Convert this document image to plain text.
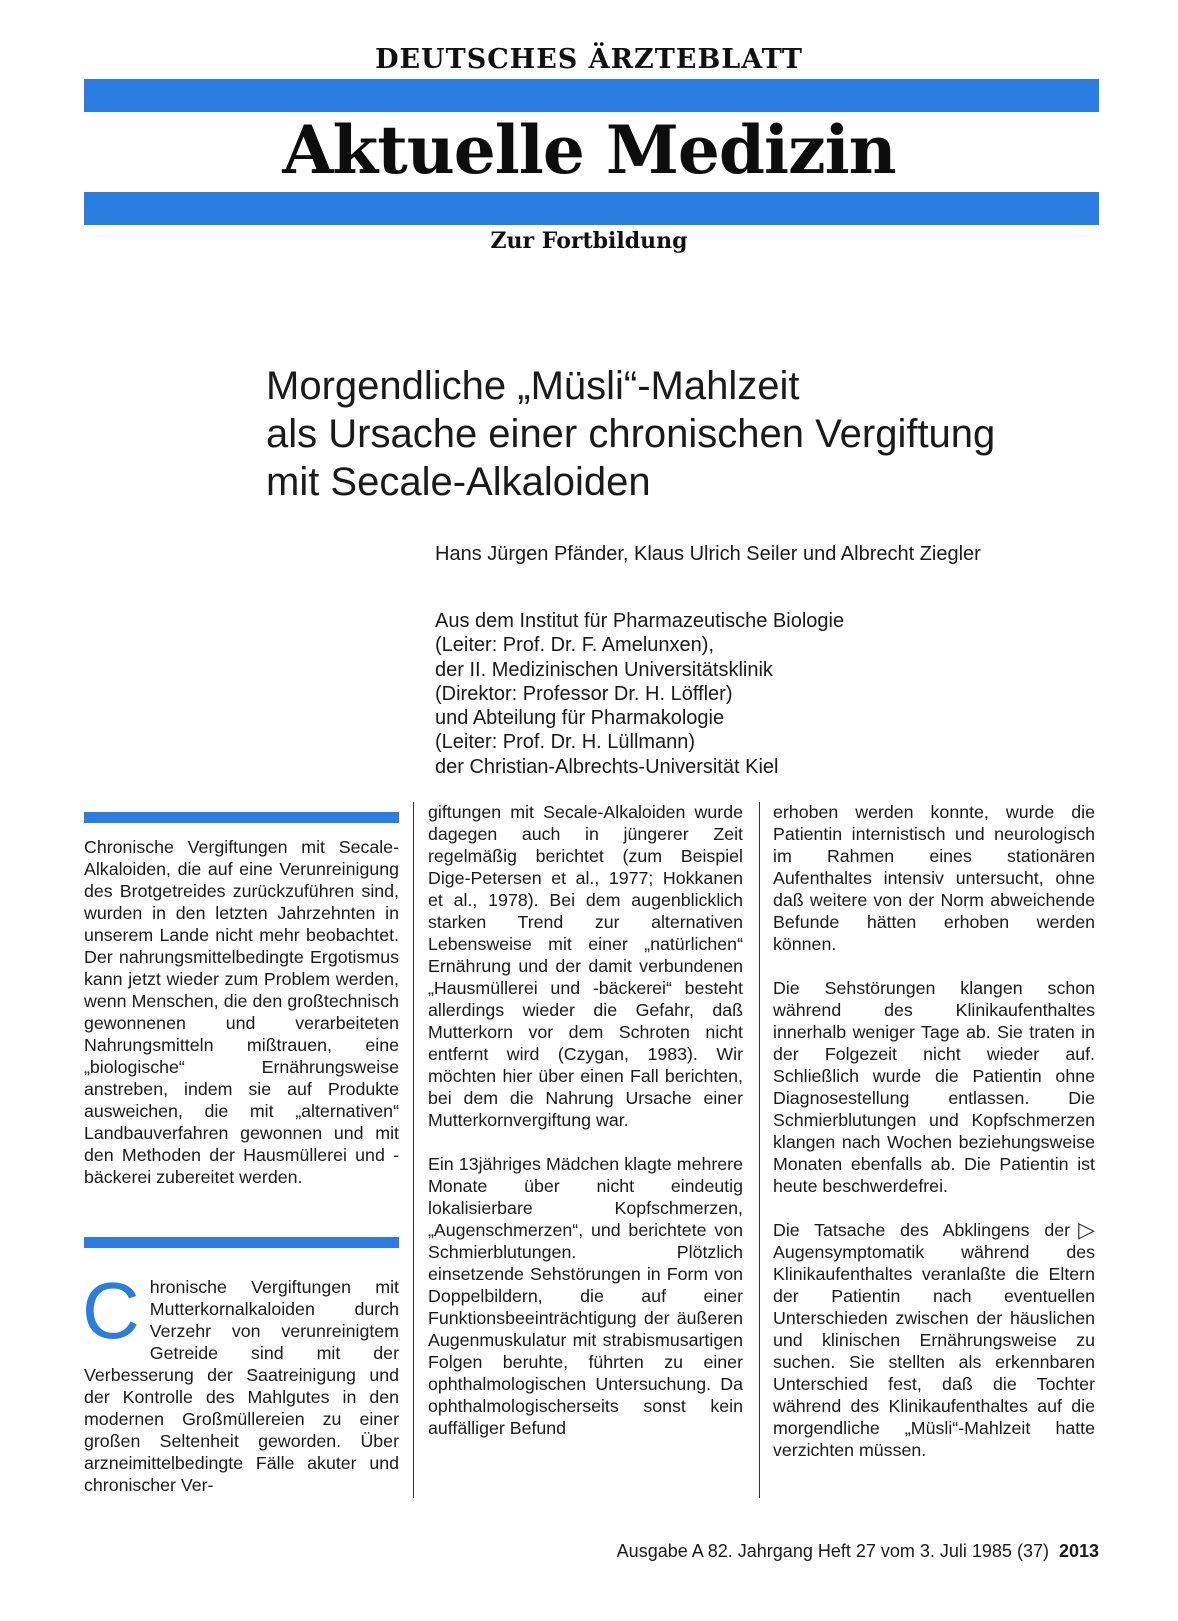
DEUTSCHES ÄRZTEBLATT
Aktuelle Medizin
Zur Fortbildung
Morgendliche „Müsli“-Mahlzeit
als Ursache einer chronischen Vergiftung
mit Secale-Alkaloiden
Hans Jürgen Pfänder, Klaus Ulrich Seiler und Albrecht Ziegler
Aus dem Institut für Pharmazeutische Biologie
(Leiter: Prof. Dr. F. Amelunxen),
der II. Medizinischen Universitätsklinik
(Direktor: Professor Dr. H. Löffler)
und Abteilung für Pharmakologie
(Leiter: Prof. Dr. H. Lüllmann)
der Christian-Albrechts-Universität Kiel

Chronische Vergiftungen mit Secale-Alkaloiden, die auf eine Verunreinigung des Brotgetreides zurückzuführen sind, wurden in den letzten Jahrzehnten in unserem Lande nicht mehr beobachtet. Der nahrungsmittelbedingte Ergotismus kann jetzt wieder zum Problem werden, wenn Menschen, die den großtechnisch gewonnenen und verarbeiteten Nahrungsmitteln mißtrauen, eine „biologische“ Ernährungsweise anstreben, indem sie auf Produkte ausweichen, die mit „alternativen“ Landbauverfahren gewonnen und mit den Methoden der Hausmüllerei und -bäckerei zubereitet werden.

Chronische Vergiftungen mit Mutterkornalkaloiden durch Verzehr von verunreinigtem Getreide sind mit der Verbesserung der Saatreinigung und der Kontrolle des Mahlgutes in den modernen Großmüllereien zu einer großen Seltenheit geworden. Über arzneimittelbedingte Fälle akuter und chronischer Ver-

giftungen mit Secale-Alkaloiden wurde dagegen auch in jüngerer Zeit regelmäßig berichtet (zum Beispiel Dige-Petersen et al., 1977; Hokkanen et al., 1978). Bei dem augenblicklich starken Trend zur alternativen Lebensweise mit einer „natürlichen“ Ernährung und der damit verbundenen „Hausmüllerei und -bäckerei“ besteht allerdings wieder die Gefahr, daß Mutterkorn vor dem Schroten nicht entfernt wird (Czygan, 1983). Wir möchten hier über einen Fall berichten, bei dem die Nahrung Ursache einer Mutterkornvergiftung war.

Ein 13jähriges Mädchen klagte mehrere Monate über nicht eindeutig lokalisierbare Kopfschmerzen, „Augenschmerzen“, und berichtete von Schmierblutungen. Plötzlich einsetzende Sehstörungen in Form von Doppelbildern, die auf einer Funktionsbeeinträchtigung der äußeren Augenmuskulatur mit strabismusartigen Folgen beruhte, führten zu einer ophthalmologischen Untersuchung. Da ophthalmologischerseits sonst kein auffälliger Befund

erhoben werden konnte, wurde die Patientin internistisch und neurologisch im Rahmen eines stationären Aufenthaltes intensiv untersucht, ohne daß weitere von der Norm abweichende Befunde hätten erhoben werden können.

Die Sehstörungen klangen schon während des Klinikaufenthaltes innerhalb weniger Tage ab. Sie traten in der Folgezeit nicht wieder auf. Schließlich wurde die Patientin ohne Diagnosestellung entlassen. Die Schmierblutungen und Kopfschmerzen klangen nach Wochen beziehungsweise Monaten ebenfalls ab. Die Patientin ist heute beschwerdefrei.

▷
Die Tatsache des Abklingens der Augensymptomatik während des Klinikaufenthaltes veranlaßte die Eltern der Patientin nach eventuellen Unterschieden zwischen der häuslichen und klinischen Ernährungsweise zu suchen. Sie stellten als erkennbaren Unterschied fest, daß die Tochter während des Klinikaufenthaltes auf die morgendliche „Müsli“-Mahlzeit hatte verzichten müssen.

Ausgabe A 82. Jahrgang Heft 27 vom 3. Juli 1985 (37) 2013
